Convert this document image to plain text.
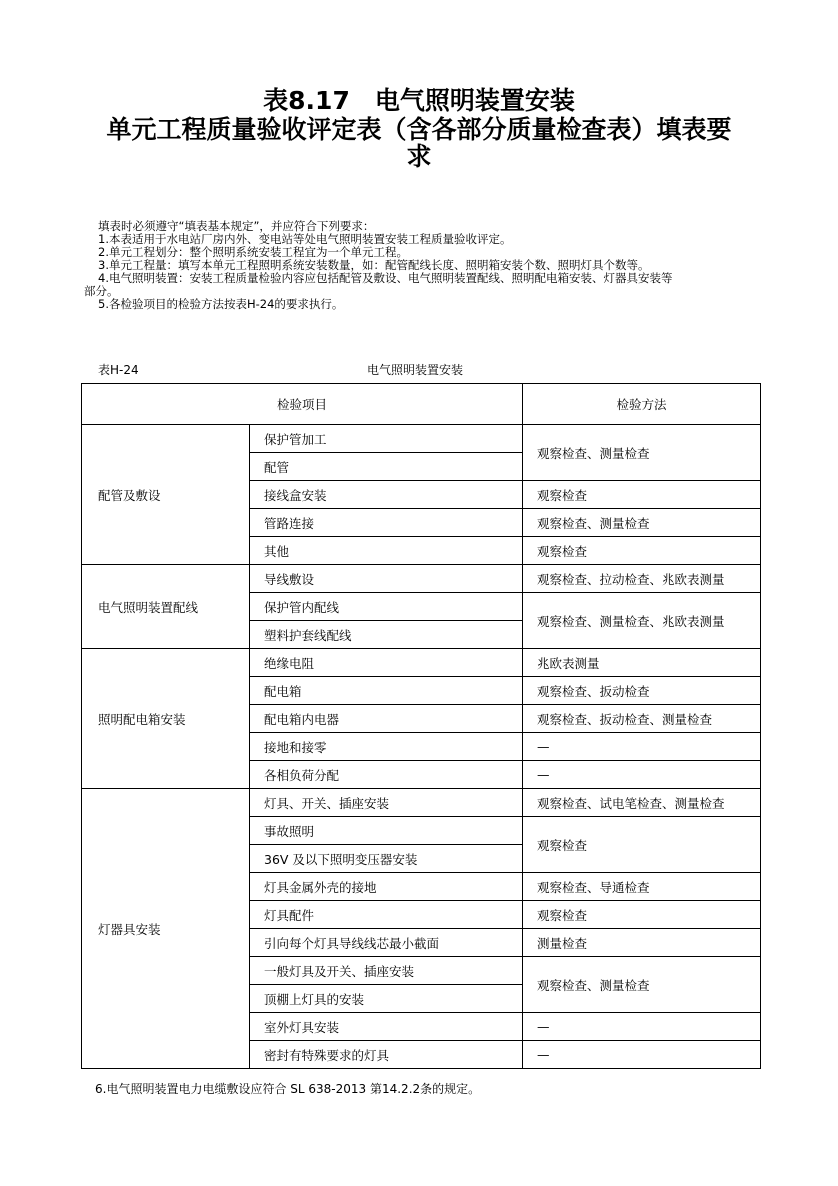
表8.17　电气照明装置安装
单元工程质量验收评定表（含各部分质量检查表）填表要
求
填表时必须遵守“填表基本规定”，并应符合下列要求：
1.本表适用于水电站厂房内外、变电站等处电气照明装置安装工程质量验收评定。
2.单元工程划分：整个照明系统安装工程宜为一个单元工程。
3.单元工程量：填写本单元工程照明系统安装数量，如：配管配线长度、照明箱安装个数、照明灯具个数等。
4.电气照明装置：安装工程质量检验内容应包括配管及敷设、电气照明装置配线、照明配电箱安装、灯器具安装等
部分。
5.各检验项目的检验方法按表H-24的要求执行。
表H-24	电气照明装置安装
检验项目		检验方法
配管及敷设	保护管加工	观察检查、测量检查
	配管	
	接线盒安装	观察检查
	管路连接	观察检查、测量检查
	其他	观察检查
电气照明装置配线	导线敷设	观察检查、拉动检查、兆欧表测量
	保护管内配线	观察检查、测量检查、兆欧表测量
	塑料护套线配线	
照明配电箱安装	绝缘电阻	兆欧表测量
	配电箱	观察检查、扳动检查
	配电箱内电器	观察检查、扳动检查、测量检查
	接地和接零	—
	各相负荷分配	—
灯器具安装	灯具、开关、插座安装	观察检查、试电笔检查、测量检查
	事故照明	观察检查
	36V 及以下照明变压器安装	
	灯具金属外壳的接地	观察检查、导通检查
	灯具配件	观察检查
	引向每个灯具导线线芯最小截面	测量检查
	一般灯具及开关、插座安装	观察检查、测量检查
	顶棚上灯具的安装	
	室外灯具安装	—
	密封有特殊要求的灯具	—
6.电气照明装置电力电缆敷设应符合 SL 638-2013 第14.2.2条的规定。
